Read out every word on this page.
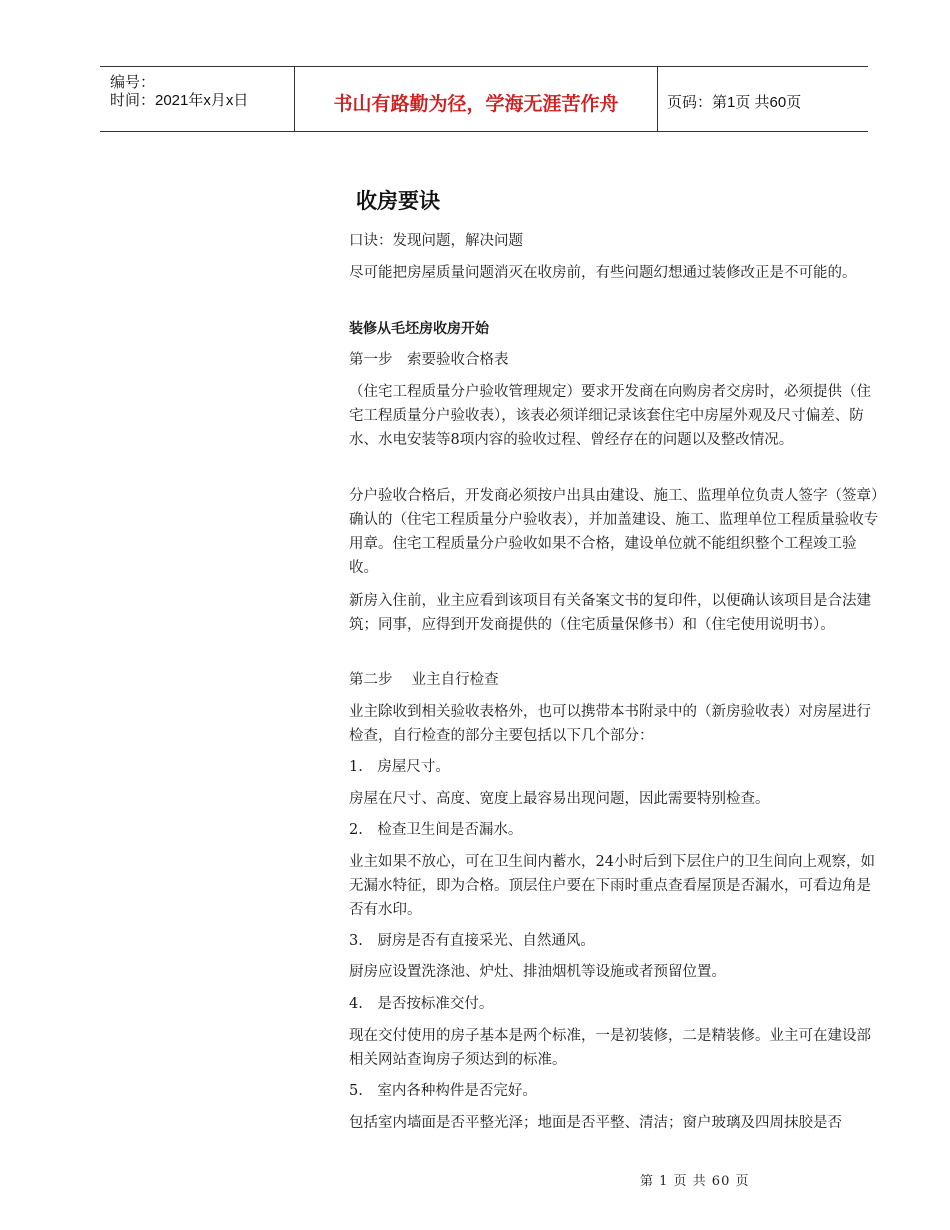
编号：
时间：2021年x月x日	书山有路勤为径，学海无涯苦作舟	页码：第1页 共60页
收房要诀
口诀：发现问题，解决问题
尽可能把房屋质量问题消灭在收房前，有些问题幻想通过装修改正是不可能的。
装修从毛坯房收房开始
第一步　索要验收合格表
（住宅工程质量分户验收管理规定）要求开发商在向购房者交房时，必须提供（住宅工程质量分户验收表），该表必须详细记录该套住宅中房屋外观及尺寸偏差、防水、水电安装等8项内容的验收过程、曾经存在的问题以及整改情况。
分户验收合格后，开发商必须按户出具由建设、施工、监理单位负责人签字（签章）确认的（住宅工程质量分户验收表），并加盖建设、施工、监理单位工程质量验收专用章。住宅工程质量分户验收如果不合格，建设单位就不能组织整个工程竣工验收。
新房入住前，业主应看到该项目有关备案文书的复印件，以便确认该项目是合法建筑；同事，应得到开发商提供的（住宅质量保修书）和（住宅使用说明书）。
第二步　 业主自行检查
业主除收到相关验收表格外，也可以携带本书附录中的（新房验收表）对房屋进行检查，自行检查的部分主要包括以下几个部分：
1.　房屋尺寸。
房屋在尺寸、高度、宽度上最容易出现问题，因此需要特别检查。
2.　检查卫生间是否漏水。
业主如果不放心，可在卫生间内蓄水，24小时后到下层住户的卫生间向上观察，如无漏水特征，即为合格。顶层住户要在下雨时重点查看屋顶是否漏水，可看边角是否有水印。
3.　厨房是否有直接采光、自然通风。
厨房应设置洗涤池、炉灶、排油烟机等设施或者预留位置。
4.　是否按标准交付。
现在交付使用的房子基本是两个标准，一是初装修，二是精装修。业主可在建设部相关网站查询房子须达到的标准。
5.　室内各种构件是否完好。
包括室内墙面是否平整光泽；地面是否平整、清洁；窗户玻璃及四周抹胶是否
第 1 页 共 60 页
